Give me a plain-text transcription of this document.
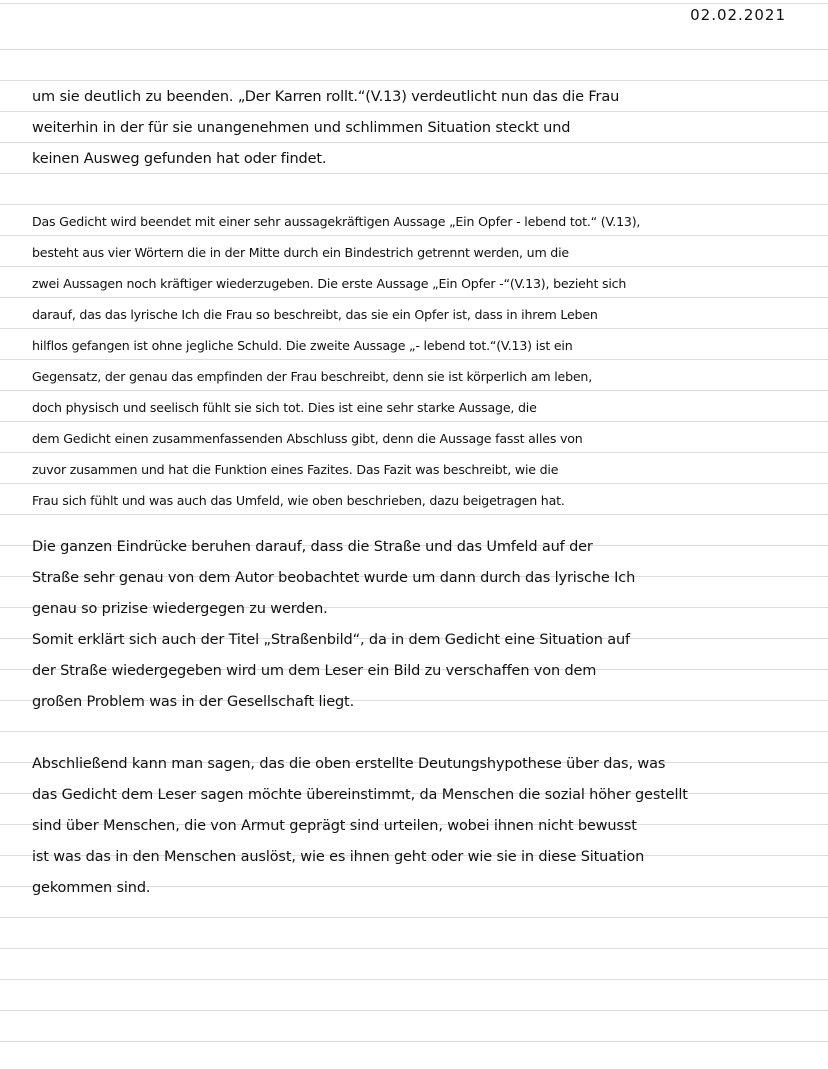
02.02.2021
um sie deutlich zu beenden. „Der Karren rollt.“(V.13) verdeutlicht nun das die Frau
weiterhin in der für sie unangenehmen und schlimmen Situation steckt und
keinen Ausweg gefunden hat oder findet.
Das Gedicht wird beendet mit einer sehr aussagekräftigen Aussage „Ein Opfer - lebend tot.“ (V.13),
besteht aus vier Wörtern die in der Mitte durch ein Bindestrich getrennt werden, um die
zwei Aussagen noch kräftiger wiederzugeben. Die erste Aussage „Ein Opfer -“(V.13), bezieht sich
darauf, das das lyrische Ich die Frau so beschreibt, das sie ein Opfer ist, dass in ihrem Leben
hilflos gefangen ist ohne jegliche Schuld. Die zweite Aussage „- lebend tot.“(V.13) ist ein
Gegensatz, der genau das empfinden der Frau beschreibt, denn sie ist körperlich am leben,
doch physisch und seelisch fühlt sie sich tot. Dies ist eine sehr starke Aussage, die
dem Gedicht einen zusammenfassenden Abschluss gibt, denn die Aussage fasst alles von
zuvor zusammen und hat die Funktion eines Fazites. Das Fazit was beschreibt, wie die
Frau sich fühlt und was auch das Umfeld, wie oben beschrieben, dazu beigetragen hat.
Die ganzen Eindrücke beruhen darauf, dass die Straße und das Umfeld auf der
Straße sehr genau von dem Autor beobachtet wurde um dann durch das lyrische Ich
genau so prizise wiedergegen zu werden.
Somit erklärt sich auch der Titel „Straßenbild“, da in dem Gedicht eine Situation auf
der Straße wiedergegeben wird um dem Leser ein Bild zu verschaffen von dem
großen Problem was in der Gesellschaft liegt.
Abschließend kann man sagen, das die oben erstellte Deutungshypothese über das, was
das Gedicht dem Leser sagen möchte übereinstimmt, da Menschen die sozial höher gestellt
sind über Menschen, die von Armut geprägt sind urteilen, wobei ihnen nicht bewusst
ist was das in den Menschen auslöst, wie es ihnen geht oder wie sie in diese Situation
gekommen sind.
